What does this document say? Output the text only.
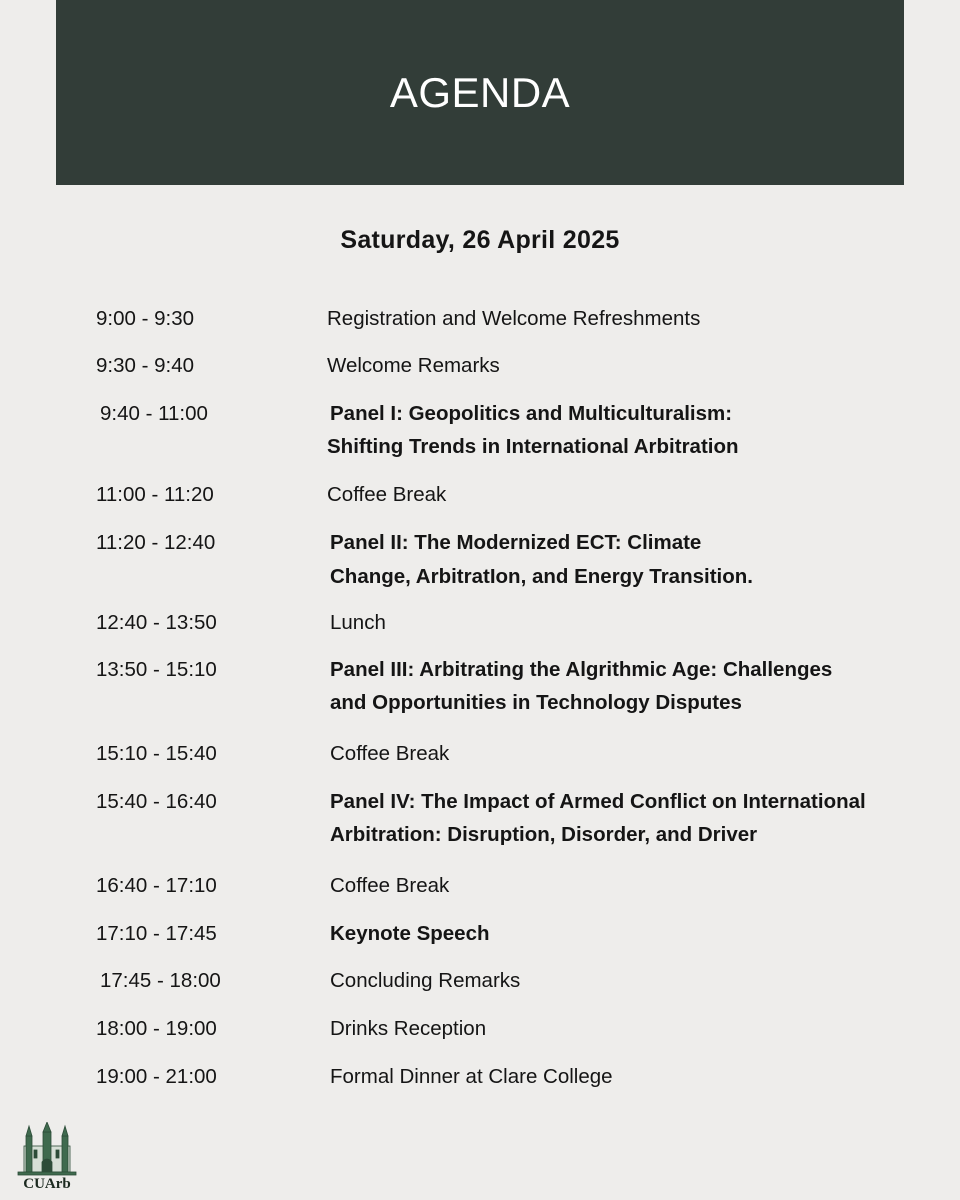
AGENDA
Saturday, 26 April 2025
9:00 - 9:30	Registration and Welcome Refreshments
9:30 - 9:40	Welcome Remarks
9:40 - 11:00	Panel I: Geopolitics and Multiculturalism:
Shifting Trends in International Arbitration
11:00 - 11:20	Coffee Break
11:20 - 12:40	Panel II: The Modernized ECT: Climate
Change, ArbitratIon, and Energy Transition.
12:40 - 13:50	Lunch
13:50 - 15:10	Panel III: Arbitrating the Algrithmic Age: Challenges
and Opportunities in Technology Disputes
15:10 - 15:40	Coffee Break
15:40 - 16:40	Panel IV: The Impact of Armed Conflict on International
Arbitration: Disruption, Disorder, and Driver
16:40 - 17:10	Coffee Break
17:10 - 17:45	Keynote Speech
17:45 - 18:00	Concluding Remarks
18:00 - 19:00	Drinks Reception
19:00 - 21:00	Formal Dinner at Clare College
CUArb
